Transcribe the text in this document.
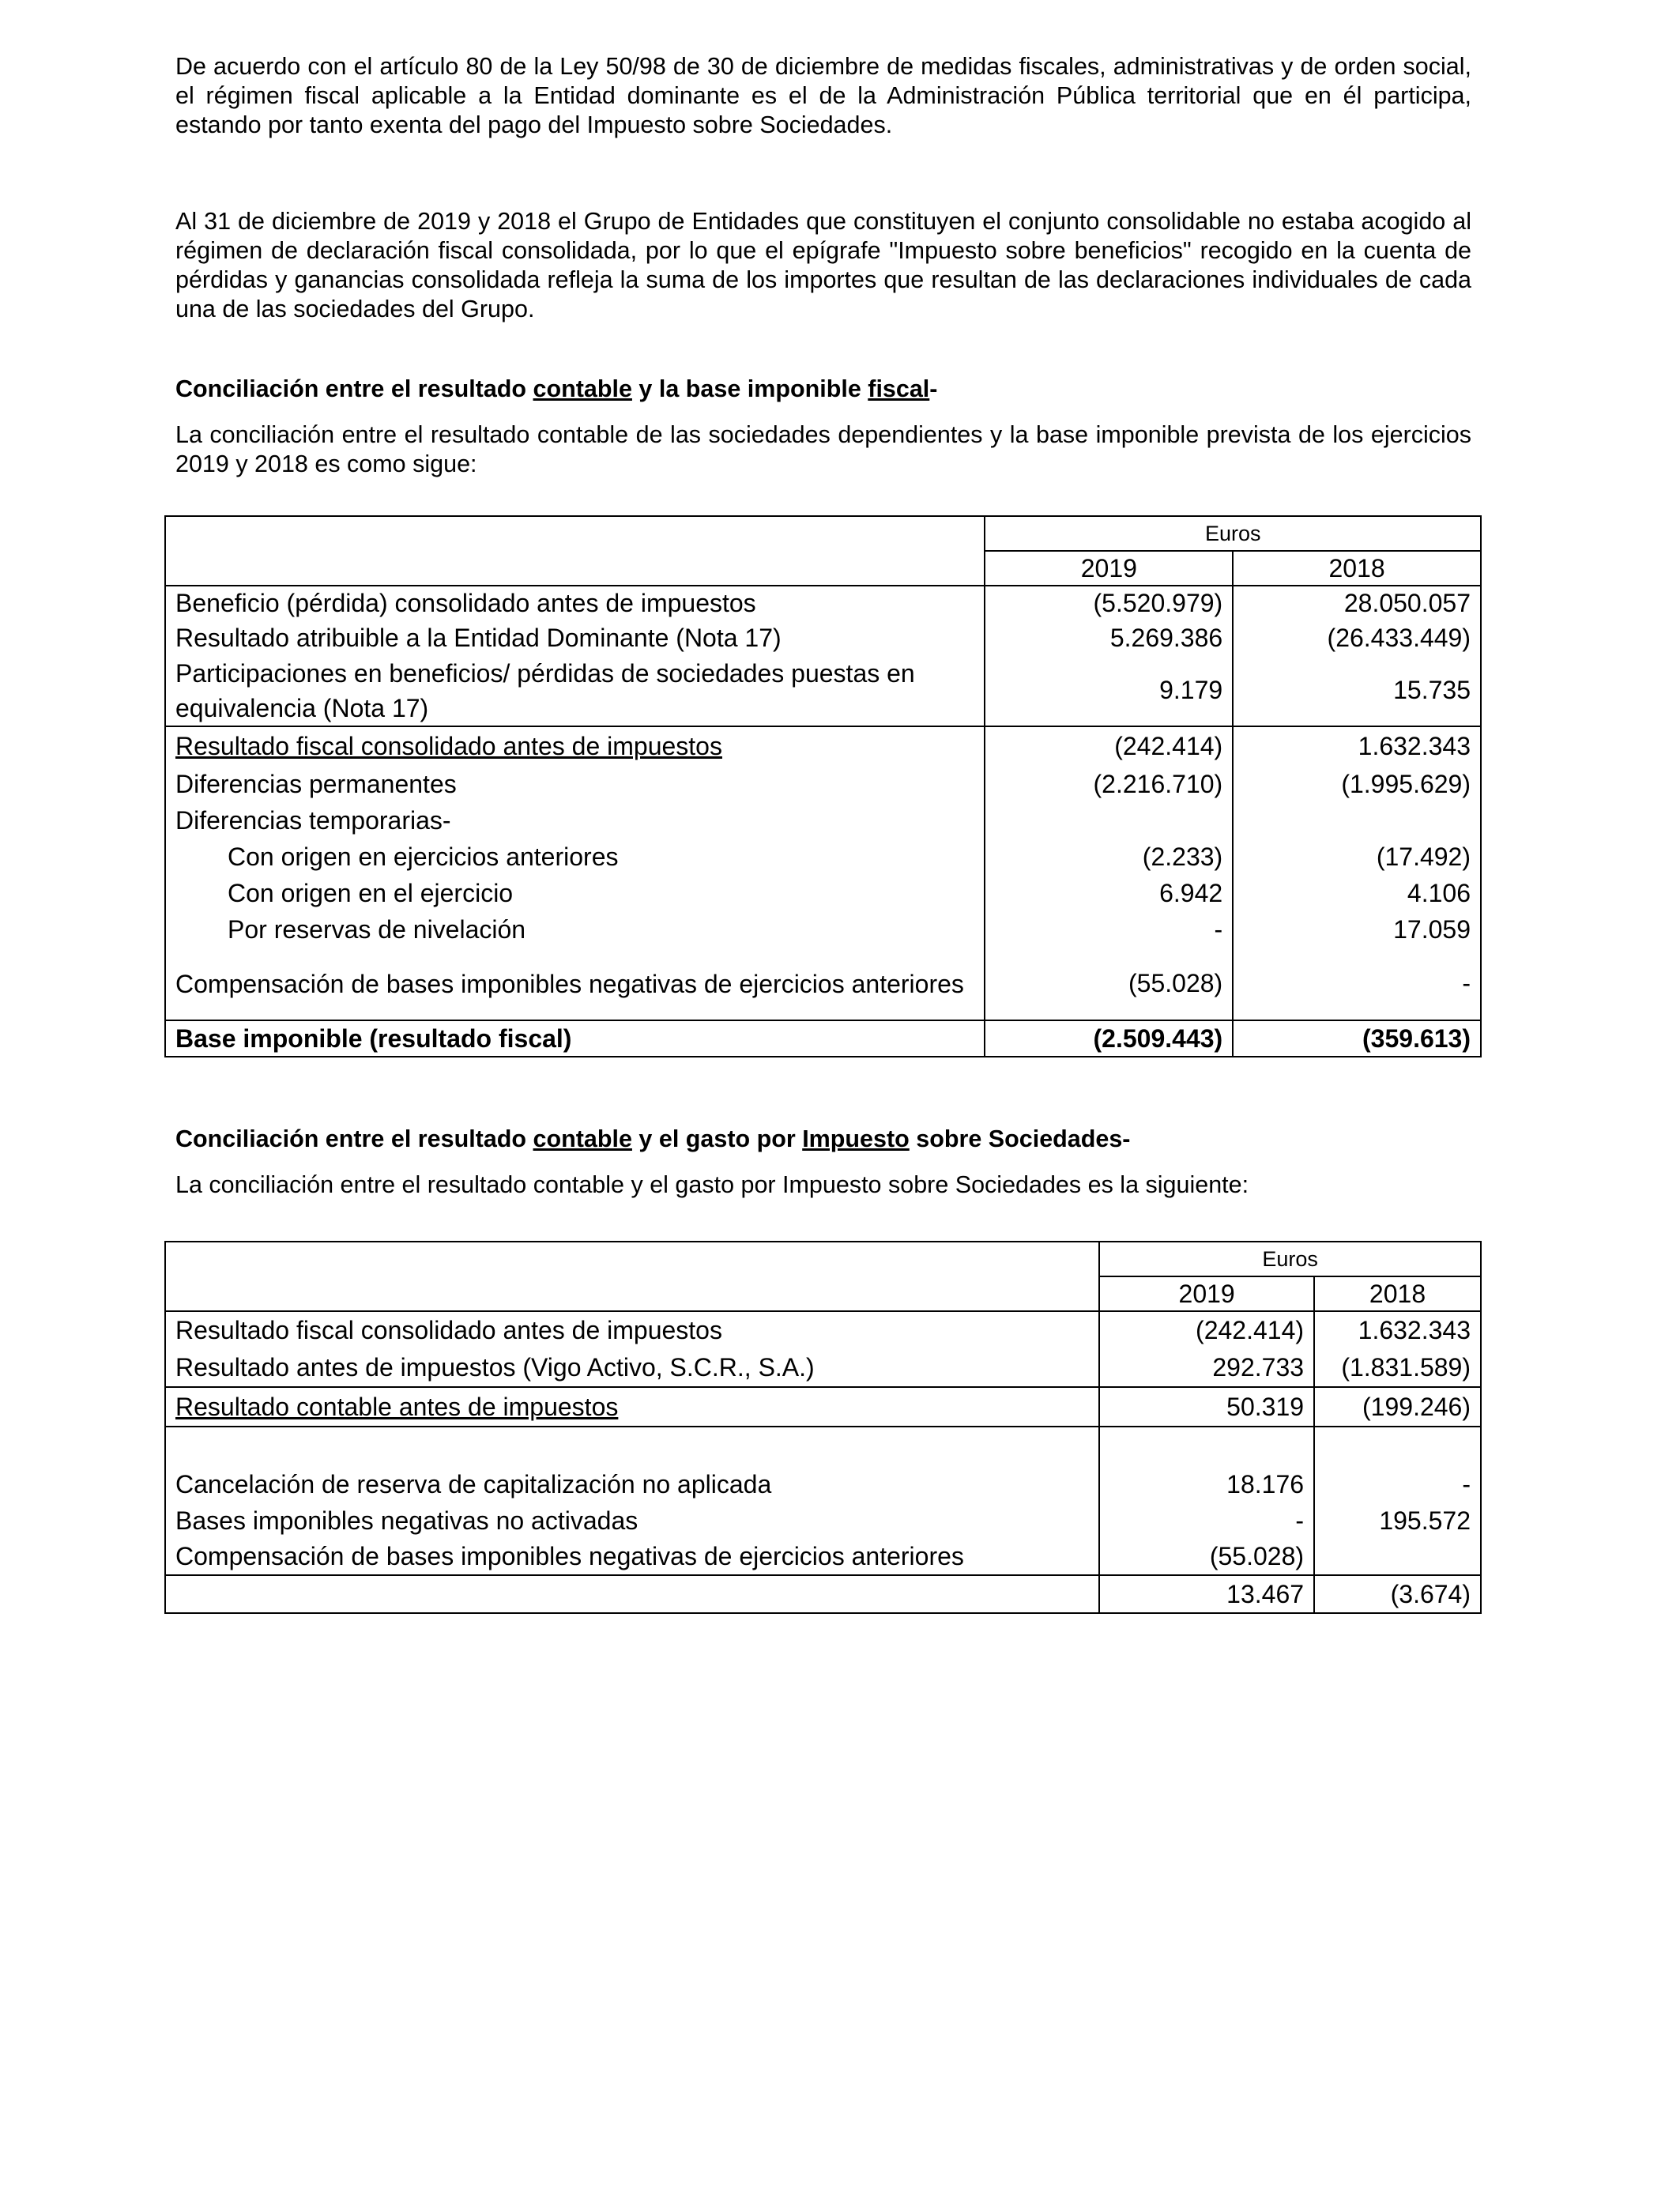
De acuerdo con el artículo 80 de la Ley 50/98 de 30 de diciembre de medidas fiscales, administrativas y de orden social, el régimen fiscal aplicable a la Entidad dominante es el de la Administración Pública territorial que en él participa, estando por tanto exenta del pago del Impuesto sobre Sociedades.

Al 31 de diciembre de 2019 y 2018 el Grupo de Entidades que constituyen el conjunto consolidable no estaba acogido al régimen de declaración fiscal consolidada, por lo que el epígrafe "Impuesto sobre beneficios" recogido en la cuenta de pérdidas y ganancias consolidada refleja la suma de los importes que resultan de las declaraciones individuales de cada una de las sociedades del Grupo.

Conciliación entre el resultado contable y la base imponible fiscal-

La conciliación entre el resultado contable de las sociedades dependientes y la base imponible prevista de los ejercicios 2019 y 2018 es como sigue:

	Euros	
	2019	2018
Beneficio (pérdida) consolidado antes de impuestos	(5.520.979)	28.050.057
Resultado atribuible a la Entidad Dominante (Nota 17)	5.269.386	(26.433.449)
Participaciones en beneficios/ pérdidas de sociedades puestas en equivalencia (Nota 17)	9.179	15.735
Resultado fiscal consolidado antes de impuestos	(242.414)	1.632.343
Diferencias permanentes	(2.216.710)	(1.995.629)
Diferencias temporarias-		
Con origen en ejercicios anteriores	(2.233)	(17.492)
Con origen en el ejercicio	6.942	4.106
Por reservas de nivelación	-	17.059
Compensación de bases imponibles negativas de ejercicios anteriores	(55.028)	-
Base imponible (resultado fiscal)	(2.509.443)	(359.613)

Conciliación entre el resultado contable y el gasto por Impuesto sobre Sociedades-

La conciliación entre el resultado contable y el gasto por Impuesto sobre Sociedades es la siguiente:

	Euros	
	2019	2018
Resultado fiscal consolidado antes de impuestos	(242.414)	1.632.343
Resultado antes de impuestos (Vigo Activo, S.C.R., S.A.)	292.733	(1.831.589)
Resultado contable antes de impuestos	50.319	(199.246)

Cancelación de reserva de capitalización no aplicada	18.176	-
Bases imponibles negativas no activadas	-	195.572
Compensación de bases imponibles negativas de ejercicios anteriores	(55.028)	
	13.467	(3.674)
